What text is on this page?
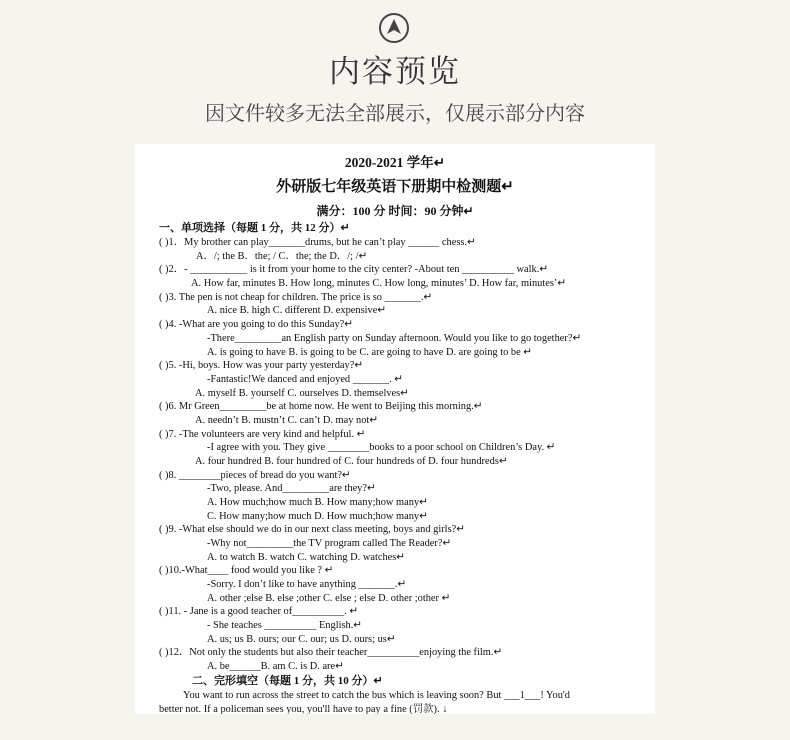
内容预览
因文件较多无法全部展示，仅展示部分内容
2020-2021 学年↵
外研版七年级英语下册期中检测题↵
满分：100 分 时间：90 分钟↵
一、单项选择（每题 1 分，共 12 分）↵
( )1．My brother can play_______drums, but he can’t play ______ chess.↵
A．/; the B．the; / C．the; the D．/; /↵
( )2．- ___________ is it from your home to the city center? -About ten __________ walk.↵
A. How far, minutes B. How long, minutes C. How long, minutes’ D. How far, minutes’↵
( )3. The pen is not cheap for children. The price is so _______.↵
A. nice B. high C. different D. expensive↵
( )4. -What are you going to do this Sunday?↵
-There_________an English party on Sunday afternoon. Would you like to go together?↵
A. is going to have B. is going to be C. are going to have D. are going to be ↵
( )5. -Hi, boys. How was your party yesterday?↵
-Fantastic!We danced and enjoyed _______. ↵
A. myself B. yourself C. ourselves D. themselves↵
( )6. Mr Green_________be at home now. He went to Beijing this morning.↵
A. needn’t B. mustn’t C. can’t D. may not↵
( )7. -The volunteers are very kind and helpful. ↵
-I agree with you. They give ________books to a poor school on Children’s Day. ↵
A. four hundred B. four hundred of C. four hundreds of D. four hundreds↵
( )8. ________pieces of bread do you want?↵
-Two, please. And_________are they?↵
A. How much;how much B. How many;how many↵
C. How many;how much D. How much;how many↵
( )9. -What else should we do in our next class meeting, boys and girls?↵
-Why not_________the TV program called The Reader?↵
A. to watch B. watch C. watching D. watches↵
( )10.-What____ food would you like ? ↵
-Sorry. I don’t like to have anything _______.↵
A. other ;else B. else ;other C. else ; else D. other ;other ↵
( )11. - Jane is a good teacher of__________. ↵
- She teaches __________ English.↵
A. us; us B. ours; our C. our; us D. ours; us↵
( )12．Not only the students but also their teacher__________enjoying the film.↵
A. be______B. am C. is D. are↵
二、完形填空（每题 1 分，共 10 分）↵
You want to run across the street to catch the bus which is leaving soon? But ___1___! You'd
better not. If a policeman sees you, you'll have to pay a fine (罚款). ↓
